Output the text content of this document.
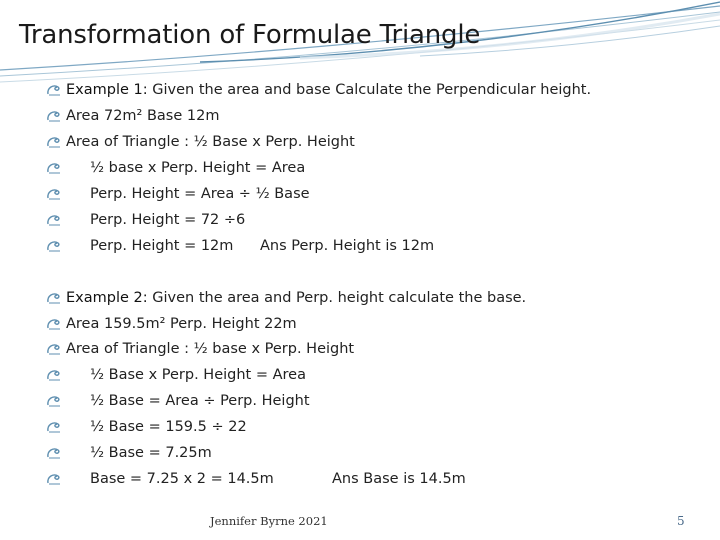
Transformation of Formulae Triangle
Example 1: Given the area and base Calculate the Perpendicular height.
Area 72m² Base 12m
Area of Triangle : ½ Base x Perp. Height
½ base x Perp. Height = Area
Perp. Height = Area ÷ ½ Base
Perp. Height = 72 ÷6
Perp. Height = 12m Ans Perp. Height is 12m
Example 2: Given the area and Perp. height calculate the base.
Area 159.5m² Perp. Height 22m
Area of Triangle : ½ base x Perp. Height
½ Base x Perp. Height = Area
½ Base = Area ÷ Perp. Height
½ Base = 159.5 ÷ 22
½ Base = 7.25m
Base = 7.25 x 2 = 14.5m	Ans Base is 14.5m
Jennifer Byrne 2021	5
